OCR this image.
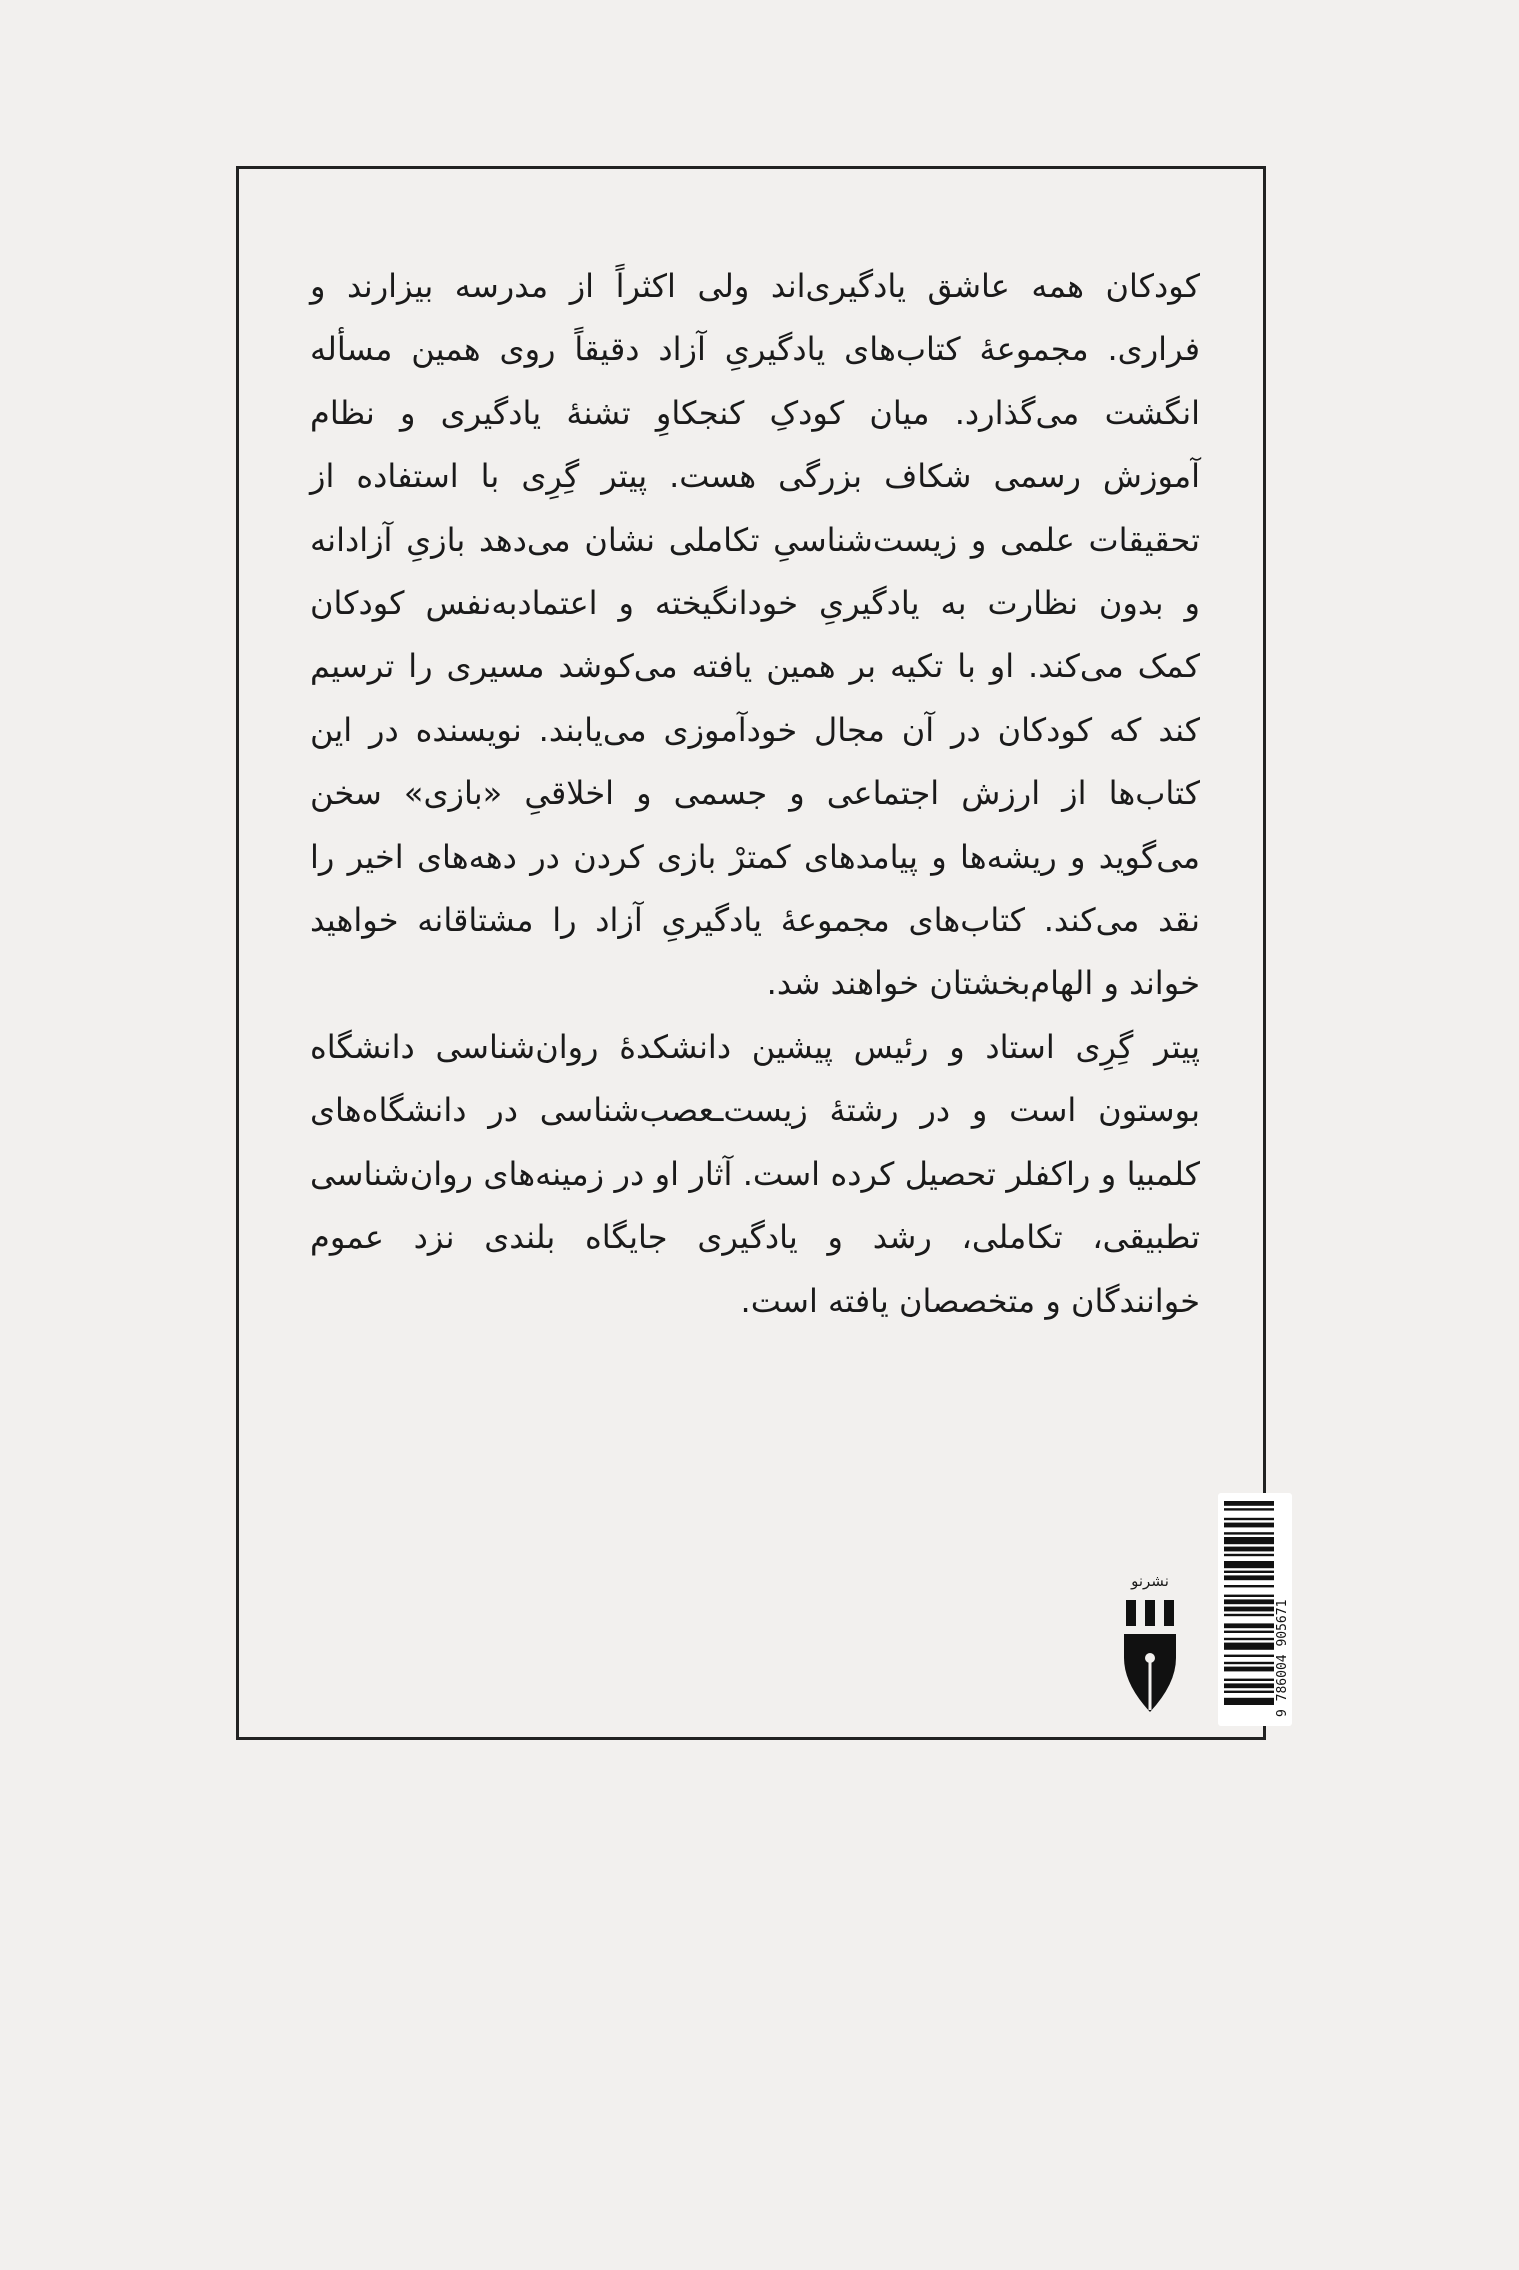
کودکان همه عاشق یادگیری‌اند ولی اکثراً از مدرسه بیزارند و
فراری. مجموعهٔ کتاب‌های یادگیریِ آزاد دقیقاً روی همین مسأله
انگشت می‌گذارد. میان کودکِ کنجکاوِ تشنهٔ یادگیری و نظام
آموزش رسمی شکاف بزرگی هست. پیتر گِرِی با استفاده از
تحقیقات علمی و زیست‌شناسیِ تکاملی نشان می‌دهد بازیِ آزادانه
و بدون نظارت به یادگیریِ خودانگیخته و اعتمادبه‌نفس کودکان
کمک می‌کند. او با تکیه بر همین یافته می‌کوشد مسیری را ترسیم
کند که کودکان در آن مجال خودآموزی می‌یابند. نویسنده در این
کتاب‌ها از ارزش اجتماعی و جسمی و اخلاقیِ «بازی» سخن
می‌گوید و ریشه‌ها و پیامدهای کمترْ بازی کردن در دهه‌های اخیر را
نقد می‌کند. کتاب‌های مجموعهٔ یادگیریِ آزاد را مشتاقانه خواهید
خواند و الهام‌بخشتان خواهند شد.

پیتر گِرِی استاد و رئیس پیشین دانشکدهٔ روان‌شناسی دانشگاه
بوستون است و در رشتهٔ زیست‌ـعصب‌شناسی در دانشگاه‌های
کلمبیا و راکفلر تحصیل کرده است. آثار او در زمینه‌های روان‌شناسی
تطبیقی، تکاملی، رشد و یادگیری جایگاه بلندی نزد عموم
خوانندگان و متخصصان یافته است.

نشرنو
9 786004 905671
